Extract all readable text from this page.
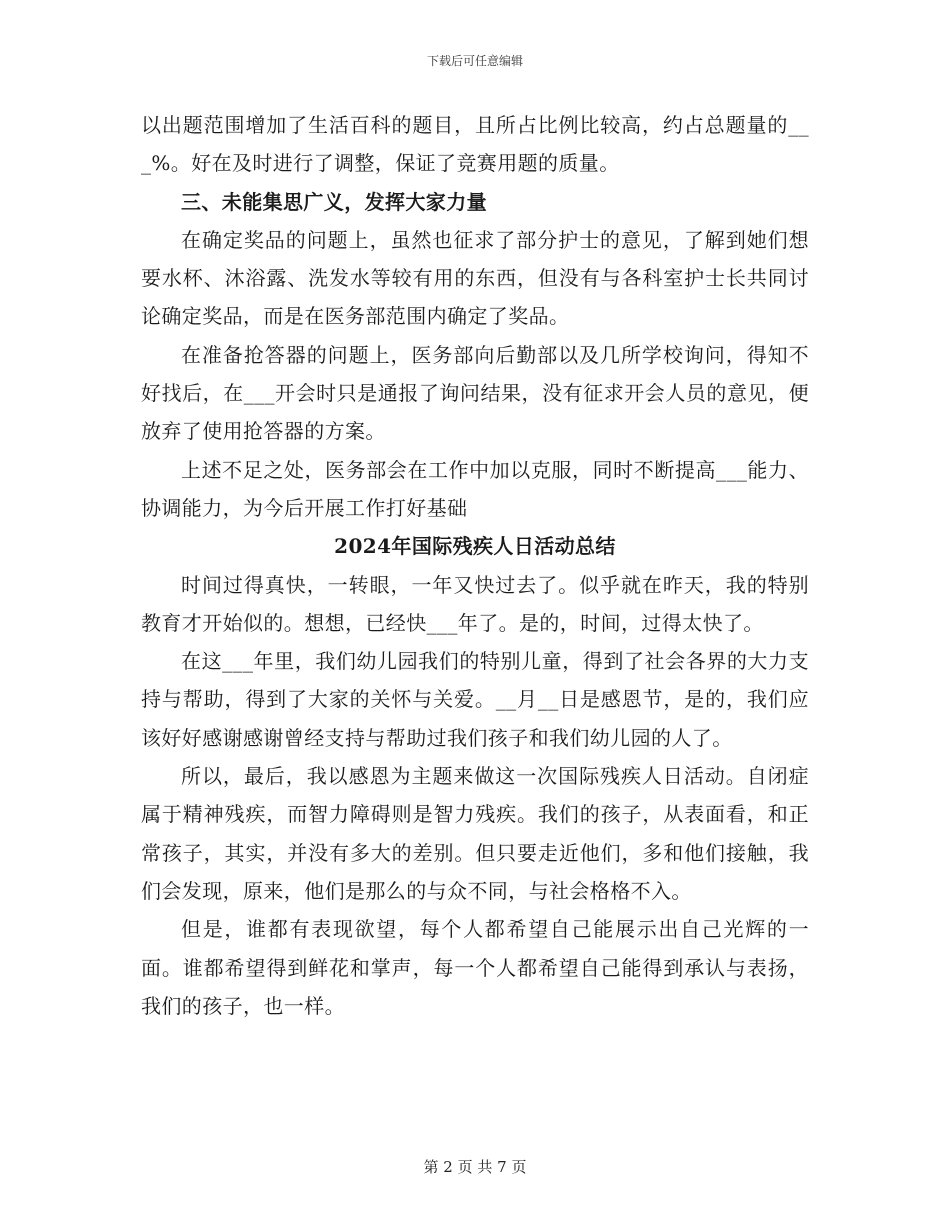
下载后可任意编辑

以出题范围增加了生活百科的题目，且所占比例比较高，约占总题量的___%。好在及时进行了调整，保证了竞赛用题的质量。

三、未能集思广义，发挥大家力量

在确定奖品的问题上，虽然也征求了部分护士的意见，了解到她们想要水杯、沐浴露、洗发水等较有用的东西，但没有与各科室护士长共同讨论确定奖品，而是在医务部范围内确定了奖品。

在准备抢答器的问题上，医务部向后勤部以及几所学校询问，得知不好找后，在___开会时只是通报了询问结果，没有征求开会人员的意见，便放弃了使用抢答器的方案。

上述不足之处，医务部会在工作中加以克服，同时不断提高___能力、协调能力，为今后开展工作打好基础

2024年国际残疾人日活动总结

时间过得真快，一转眼，一年又快过去了。似乎就在昨天，我的特别教育才开始似的。想想，已经快___年了。是的，时间，过得太快了。

在这___年里，我们幼儿园我们的特别儿童，得到了社会各界的大力支持与帮助，得到了大家的关怀与关爱。__月__日是感恩节，是的，我们应该好好感谢感谢曾经支持与帮助过我们孩子和我们幼儿园的人了。

所以，最后，我以感恩为主题来做这一次国际残疾人日活动。自闭症属于精神残疾，而智力障碍则是智力残疾。我们的孩子，从表面看，和正常孩子，其实，并没有多大的差别。但只要走近他们，多和他们接触，我们会发现，原来，他们是那么的与众不同，与社会格格不入。

但是，谁都有表现欲望，每个人都希望自己能展示出自己光辉的一面。谁都希望得到鲜花和掌声，每一个人都希望自己能得到承认与表扬，我们的孩子，也一样。

第 2 页 共 7 页
